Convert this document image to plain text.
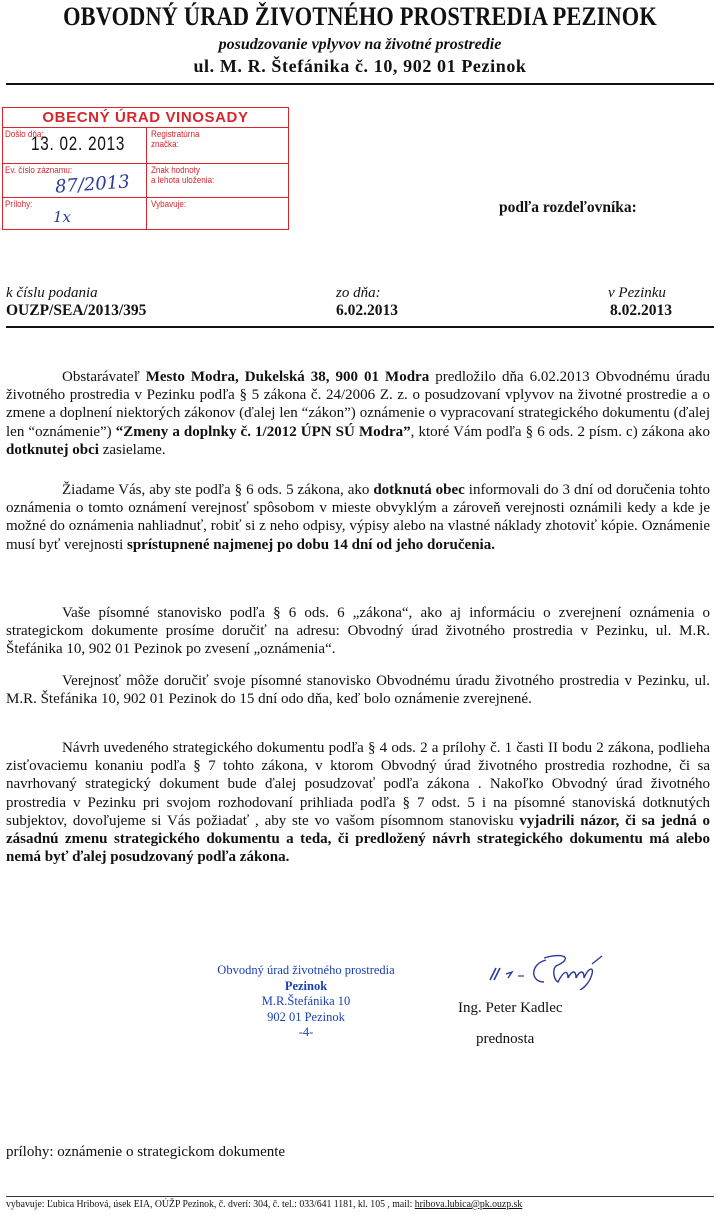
OBVODNÝ ÚRAD ŽIVOTNÉHO PROSTREDIA PEZINOK
posudzovanie vplyvov na životné prostredie
ul. M. R. Štefánika č. 10, 902 01 Pezinok
OBECNÝ ÚRAD VINOSADY
Došlo dňa:
13. 02. 2013	Registratúrna
značka:
Ev. číslo záznamu:
87/2013
Znak hodnoty
a lehota uloženia:
Prílohy:
1x
Vybavuje:	podľa rozdeľovníka:
k číslu podania
OUZP/SEA/2013/395
zo dňa:
6.02.2013
v Pezinku
8.02.2013
Obstarávateľ Mesto Modra, Dukelská 38, 900 01 Modra predložilo dňa 6.02.2013 Obvodnému úradu životného prostredia v Pezinku podľa § 5 zákona č. 24/2006 Z. z. o posudzovaní vplyvov na životné prostredie a o zmene a doplnení niektorých zákonov (ďalej len “zákon”) oznámenie o vypracovaní strategického dokumentu (ďalej len “oznámenie”) “Zmeny a doplnky č. 1/2012 ÚPN SÚ Modra”, ktoré Vám podľa § 6 ods. 2 písm. c) zákona ako dotknutej obci zasielame.
Žiadame Vás, aby ste podľa § 6 ods. 5 zákona, ako dotknutá obec informovali do 3 dní od doručenia tohto oznámenia o tomto oznámení verejnosť spôsobom v mieste obvyklým a zároveň verejnosti oznámili kedy a kde je možné do oznámenia nahliadnuť, robiť si z neho odpisy, výpisy alebo na vlastné náklady zhotoviť kópie. Oznámenie musí byť verejnosti sprístupnené najmenej po dobu 14 dní od jeho doručenia.
Vaše písomné stanovisko podľa § 6 ods. 6 „zákona“, ako aj informáciu o zverejnení oznámenia o strategickom dokumente prosíme doručiť na adresu: Obvodný úrad životného prostredia v Pezinku, ul. M.R. Štefánika 10, 902 01 Pezinok po zvesení „oznámenia“.
Verejnosť môže doručiť svoje písomné stanovisko Obvodnému úradu životného prostredia v Pezinku, ul. M.R. Štefánika 10, 902 01 Pezinok do 15 dní odo dňa, keď bolo oznámenie zverejnené.
Návrh uvedeného strategického dokumentu podľa § 4 ods. 2 a prílohy č. 1 časti II bodu 2 zákona, podlieha zisťovaciemu konaniu podľa § 7 tohto zákona, v ktorom Obvodný úrad životného prostredia rozhodne, či sa navrhovaný strategický dokument bude ďalej posudzovať podľa zákona . Nakoľko Obvodný úrad životného prostredia v Pezinku pri svojom rozhodovaní prihliada podľa § 7 odst. 5 i na písomné stanoviská dotknutých subjektov, dovoľujeme si Vás požiadať , aby ste vo vašom písomnom stanovisku vyjadrili názor, či sa jedná o zásadnú zmenu strategického dokumentu a teda, či predložený návrh strategického dokumentu má alebo nemá byť ďalej posudzovaný podľa zákona.
Obvodný úrad životného prostredia
Pezinok
M.R.Štefánika 10
902 01 Pezinok
-4-
Ing. Peter Kadlec
prednosta
prílohy: oznámenie o strategickom dokumente
vybavuje: Ľubica Hribová, úsek EIA, OÚŽP Pezinok, č. dverí: 304, č. tel.: 033/641 1181, kl. 105 , mail: hribova.lubica@pk.ouzp.sk
